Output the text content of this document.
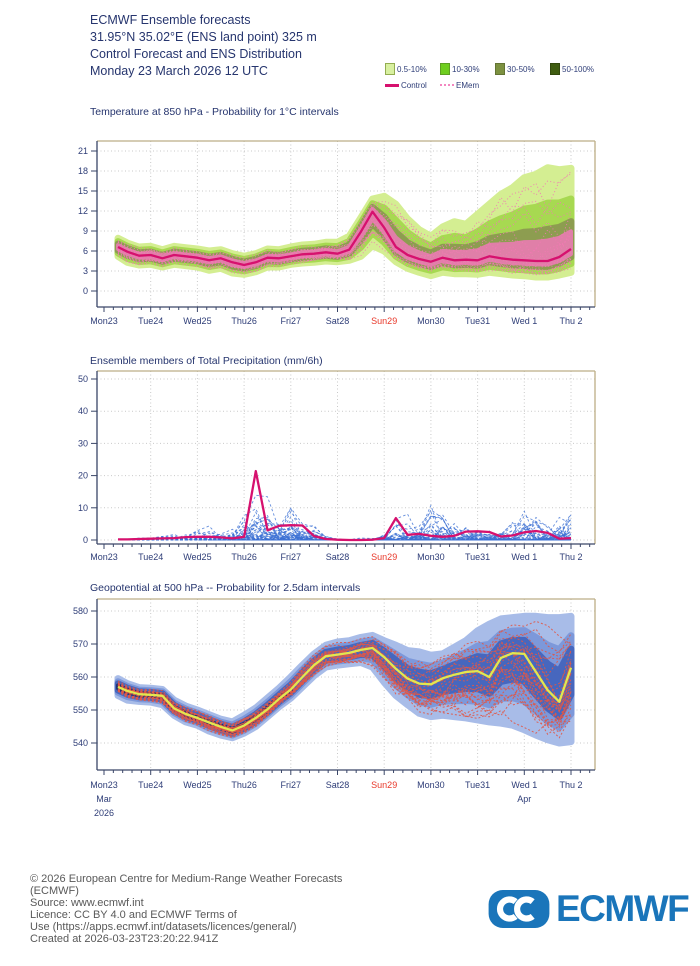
ECMWF Ensemble forecasts
31.95°N 35.02°E (ENS land point) 325 m
Control Forecast and ENS Distribution
Monday 23 March 2026 12 UTC	0.5-10%	10-30%	30-50%	50-100%
Control	EMem
Temperature at 850 hPa - Probability for 1°C intervals
0
3
6
9
12
15
18
21
Mon23 Tue24 Wed25 Thu26	Fri27	Sat28 Sun29 Mon30 Tue31 Wed 1 Thu 2
Ensemble members of Total Precipitation (mm/6h)
0
10
20
30
40
50
Mon23 Tue24 Wed25 Thu26	Fri27	Sat28 Sun29 Mon30 Tue31 Wed 1 Thu 2
Geopotential at 500 hPa -- Probability for 2.5dam intervals
540
550
560
570
580
Mon23 Tue24 Wed25 Thu26	Fri27	Sat28 Sun29 Mon30 Tue31 Wed 1 Thu 2
Mar
2026
Apr
© 2026 European Centre for Medium-Range Weather Forecasts
(ECMWF)
Source: www.ecmwf.int
Licence: CC BY 4.0 and ECMWF Terms of
Use (https://apps.ecmwf.int/datasets/licences/general/)
Created at 2026-03-23T23:20:22.941Z
ECMWF
